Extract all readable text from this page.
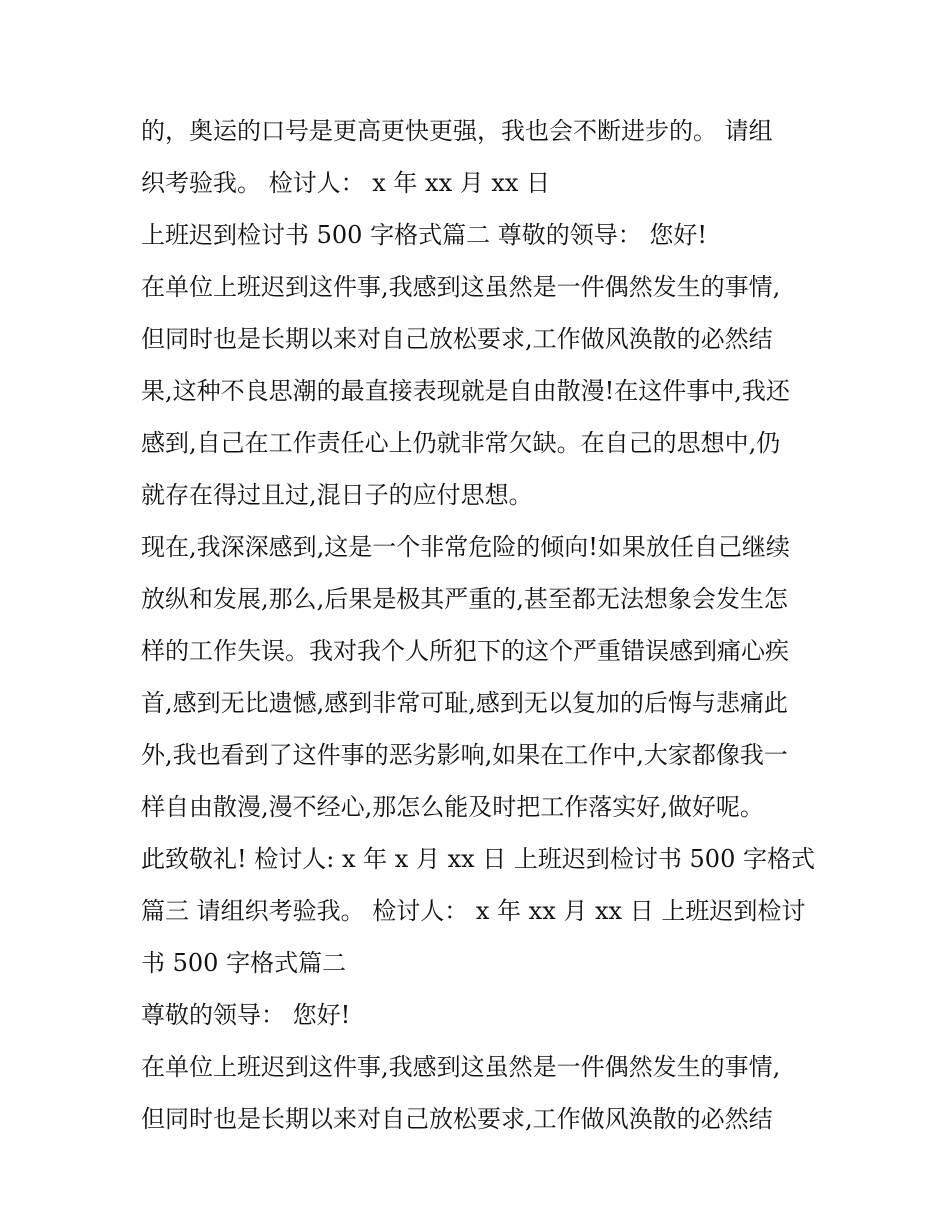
的，奥运的口号是更高更快更强，我也会不断进步的。 请组
织考验我。 检讨人： x 年 xx 月 xx 日
上班迟到检讨书 500 字格式篇二 尊敬的领导： 您好!
在单位上班迟到这件事,我感到这虽然是一件偶然发生的事情,
但同时也是长期以来对自己放松要求,工作做风涣散的必然结
果,这种不良思潮的最直接表现就是自由散漫!在这件事中,我还
感到,自己在工作责任心上仍就非常欠缺。在自己的思想中,仍
就存在得过且过,混日子的应付思想。
现在,我深深感到,这是一个非常危险的倾向!如果放任自己继续
放纵和发展,那么,后果是极其严重的,甚至都无法想象会发生怎
样的工作失误。我对我个人所犯下的这个严重错误感到痛心疾
首,感到无比遗憾,感到非常可耻,感到无以复加的后悔与悲痛此
外,我也看到了这件事的恶劣影响,如果在工作中,大家都像我一
样自由散漫,漫不经心,那怎么能及时把工作落实好,做好呢。
此致敬礼! 检讨人: x 年 x 月 xx 日 上班迟到检讨书 500 字格式
篇三 请组织考验我。 检讨人： x 年 xx 月 xx 日 上班迟到检讨
书 500 字格式篇二
尊敬的领导： 您好!
在单位上班迟到这件事,我感到这虽然是一件偶然发生的事情,
但同时也是长期以来对自己放松要求,工作做风涣散的必然结
